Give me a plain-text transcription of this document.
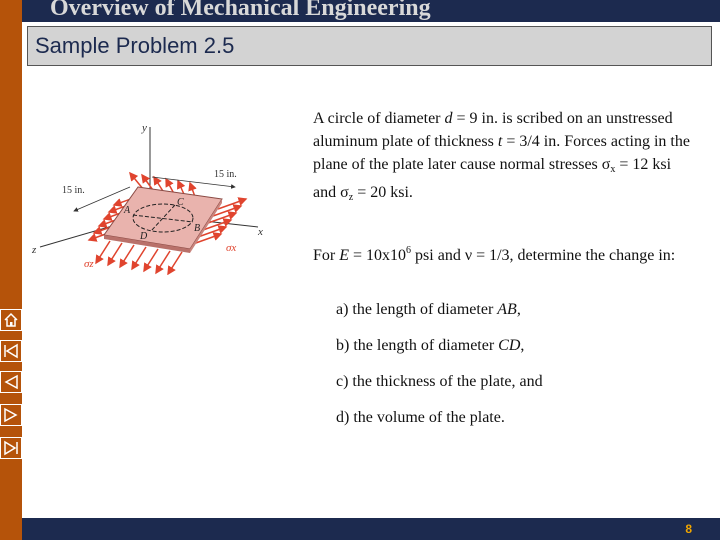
Overview of Mechanical Engineering
Sample Problem 2.5
y
x
z
A
B
C
D
15 in.
15 in.
σx
σz
A circle of diameter d = 9 in. is scribed on an unstressed aluminum plate of thickness t = 3/4 in. Forces acting in the plane of the plate later cause normal stresses $\sigma_x = 12$ ksi and $\sigma_z = 20$ ksi.
For $E = 10x10^6$ psi and ν = 1/3, determine the change in:
a) the length of diameter AB,
b) the length of diameter CD,
c) the thickness of the plate, and
d) the volume of the plate.
8
